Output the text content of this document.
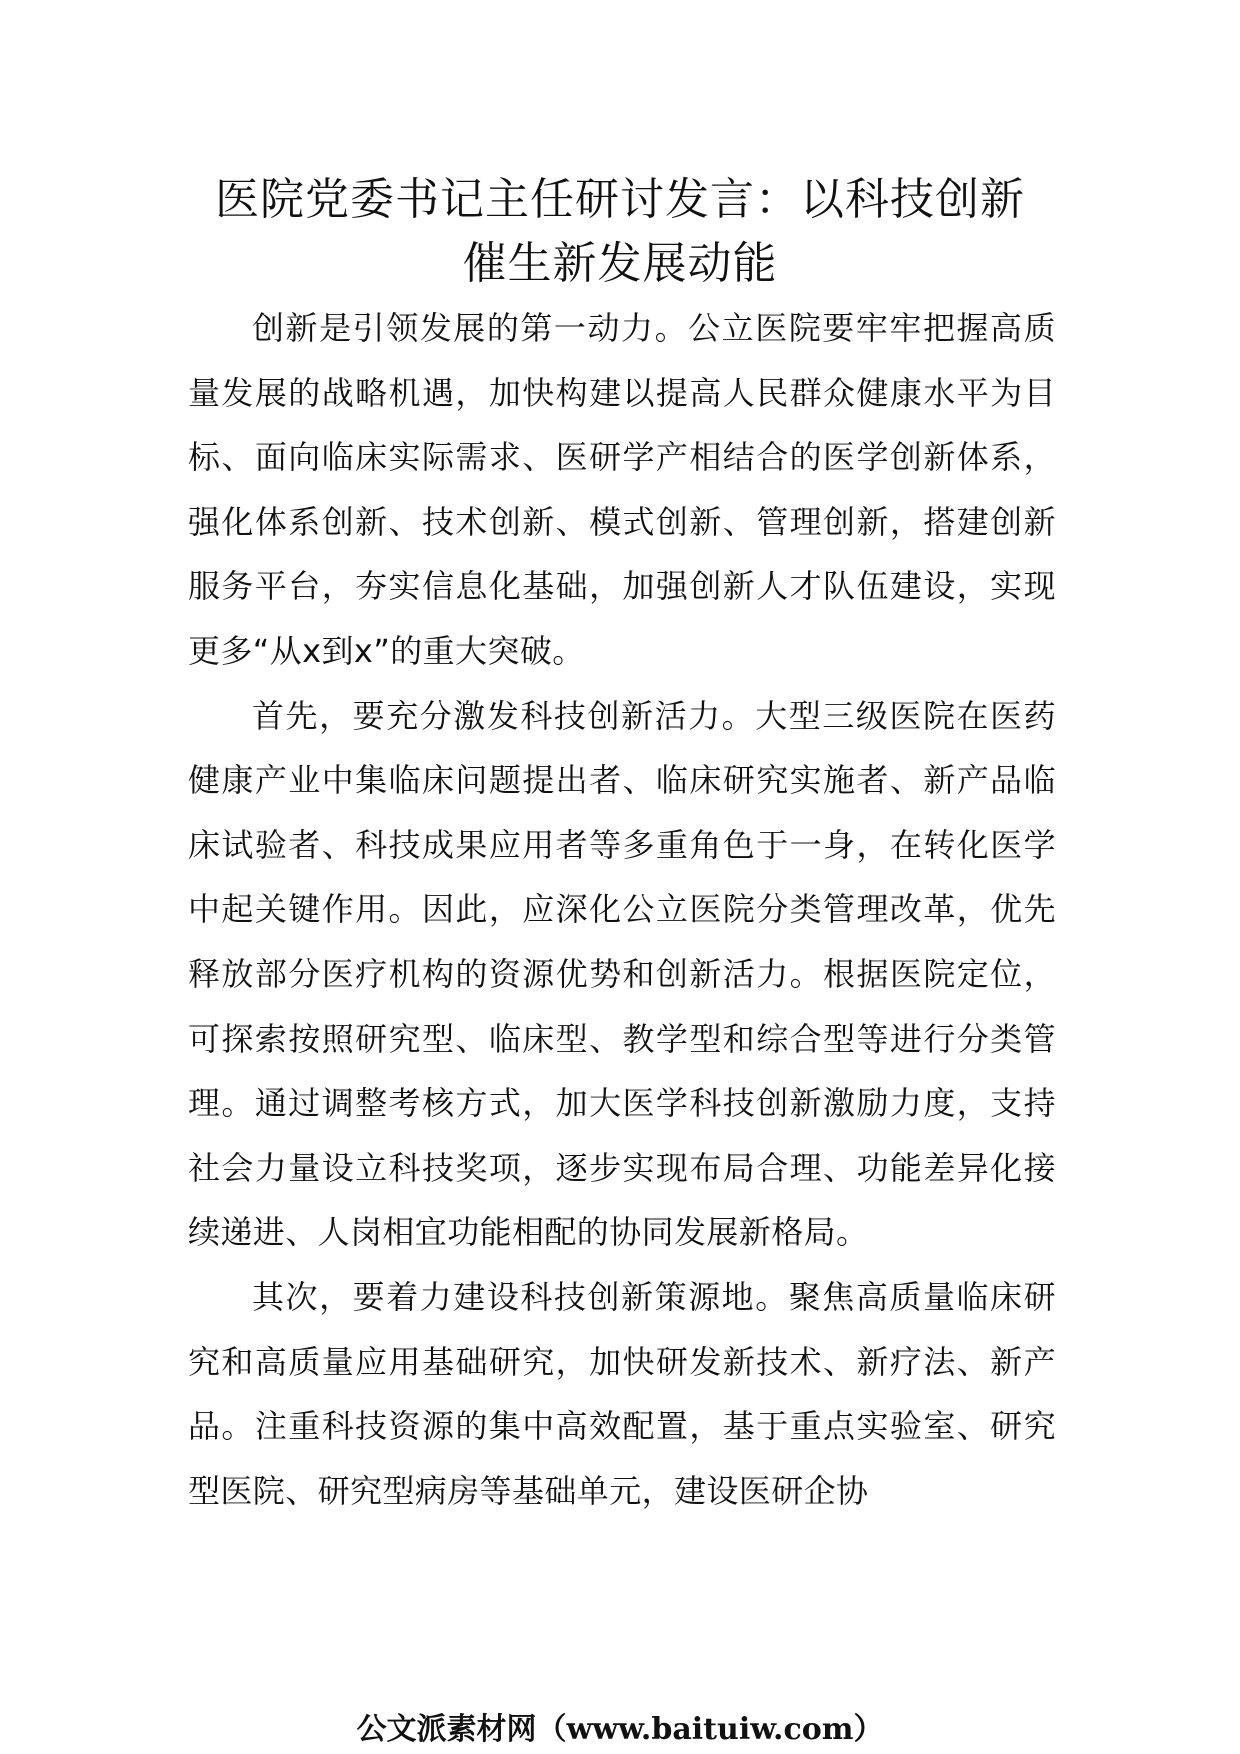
医院党委书记主任研讨发言：以科技创新
催生新发展动能

创新是引领发展的第一动力。公立医院要牢牢把握高质量发展的战略机遇，加快构建以提高人民群众健康水平为目标、面向临床实际需求、医研学产相结合的医学创新体系，强化体系创新、技术创新、模式创新、管理创新，搭建创新服务平台，夯实信息化基础，加强创新人才队伍建设，实现更多“从x到x”的重大突破。

首先，要充分激发科技创新活力。大型三级医院在医药健康产业中集临床问题提出者、临床研究实施者、新产品临床试验者、科技成果应用者等多重角色于一身，在转化医学中起关键作用。因此，应深化公立医院分类管理改革，优先释放部分医疗机构的资源优势和创新活力。根据医院定位，可探索按照研究型、临床型、教学型和综合型等进行分类管理。通过调整考核方式，加大医学科技创新激励力度，支持社会力量设立科技奖项，逐步实现布局合理、功能差异化接续递进、人岗相宜功能相配的协同发展新格局。

其次，要着力建设科技创新策源地。聚焦高质量临床研究和高质量应用基础研究，加快研发新技术、新疗法、新产品。注重科技资源的集中高效配置，基于重点实验室、研究型医院、研究型病房等基础单元，建设医研企协

公文派素材网（www.baituiw.com）
